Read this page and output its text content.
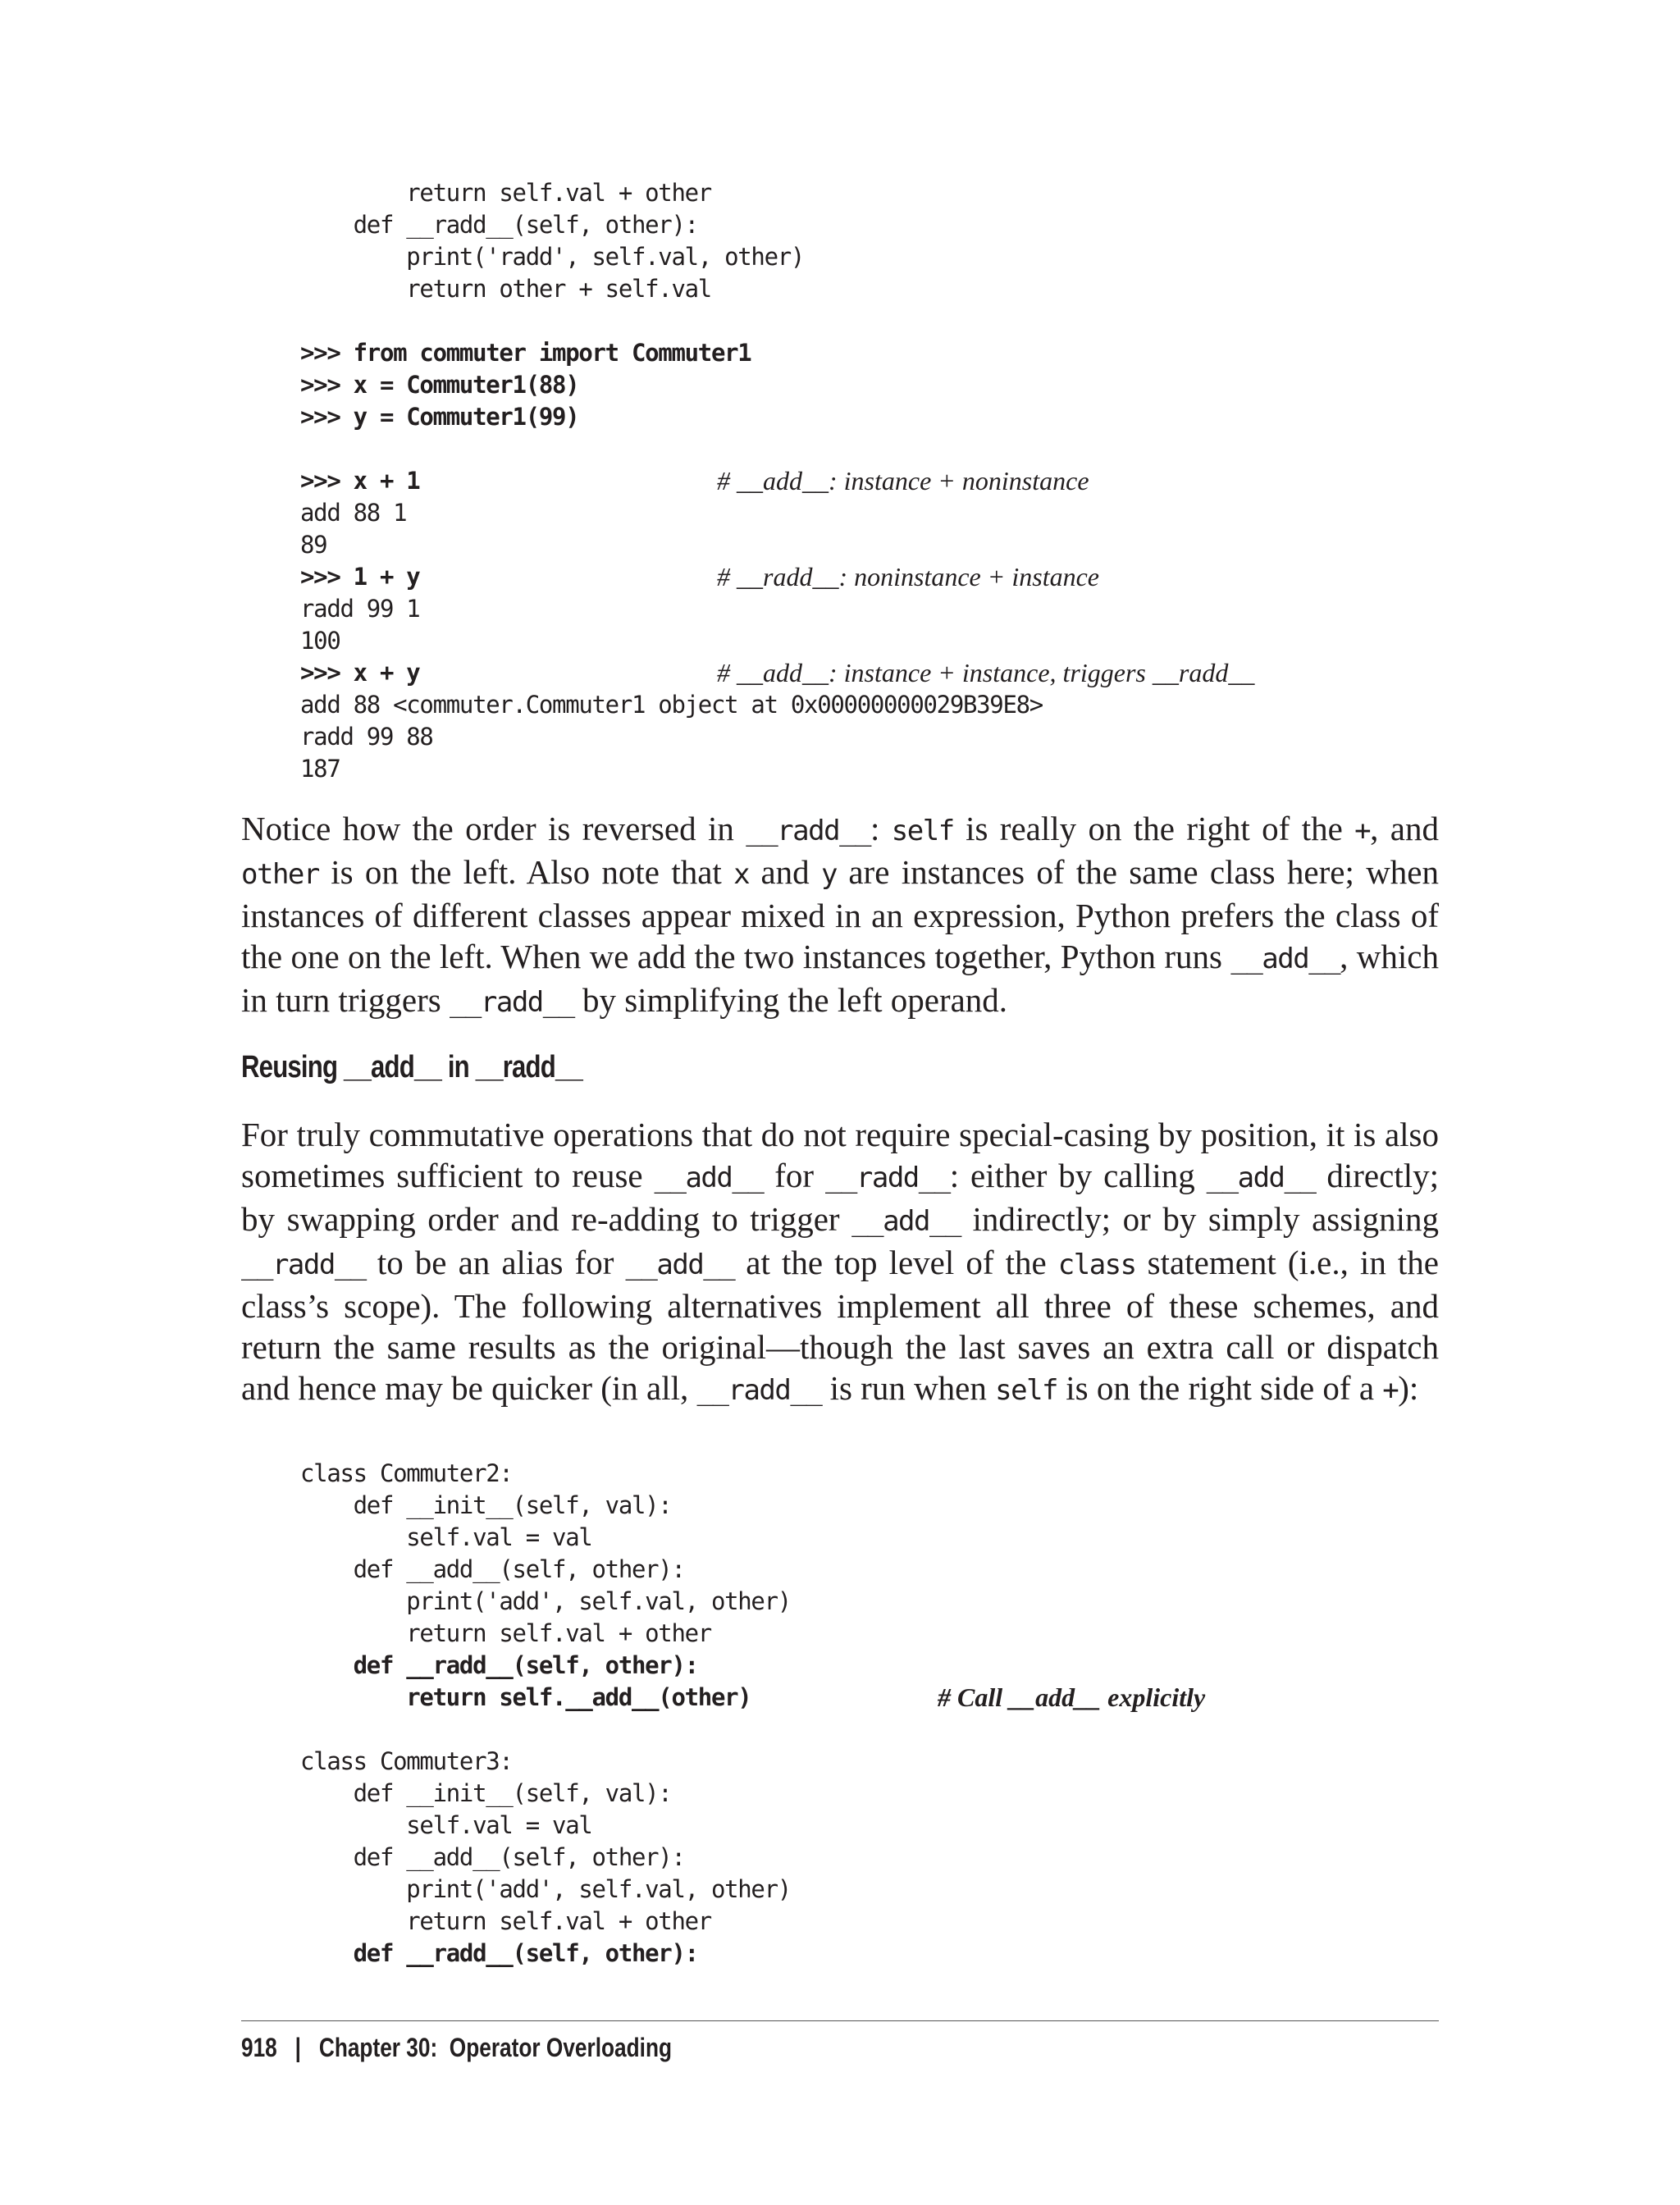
return self.val + other
def __radd__(self, other):
print('radd', self.val, other)
return other + self.val
>>> from commuter import Commuter1
>>> x = Commuter1(88)
>>> y = Commuter1(99)
>>> x + 1	# __add__: instance + noninstance
add 88 1
89
>>> 1 + y	# __radd__: noninstance + instance
radd 99 1
100
>>> x + y	# __add__: instance + instance, triggers __radd__
add 88 <commuter.Commuter1 object at 0x00000000029B39E8>
radd 99 88
187

Notice how the order is reversed in __radd__: self is really on the right of the +, and other is on the left. Also note that x and y are instances of the same class here; when instances of different classes appear mixed in an expression, Python prefers the class of the one on the left. When we add the two instances together, Python runs __add__, which in turn triggers __radd__ by simplifying the left operand.

Reusing __add__ in __radd__

For truly commutative operations that do not require special-casing by position, it is also sometimes sufficient to reuse __add__ for __radd__: either by calling __add__ directly; by swapping order and re-adding to trigger __add__ indirectly; or by simply assigning __radd__ to be an alias for __add__ at the top level of the class statement (i.e., in the class’s scope). The following alternatives implement all three of these schemes, and return the same results as the original—though the last saves an extra call or dispatch and hence may be quicker (in all, __radd__ is run when self is on the right side of a +):

class Commuter2:
def __init__(self, val):
self.val = val
def __add__(self, other):
print('add', self.val, other)
return self.val + other
def __radd__(self, other):
return self.__add__(other)	# Call __add__ explicitly
class Commuter3:
def __init__(self, val):
self.val = val
def __add__(self, other):
print('add', self.val, other)
return self.val + other
def __radd__(self, other):
918 | Chapter 30:  Operator Overloading
